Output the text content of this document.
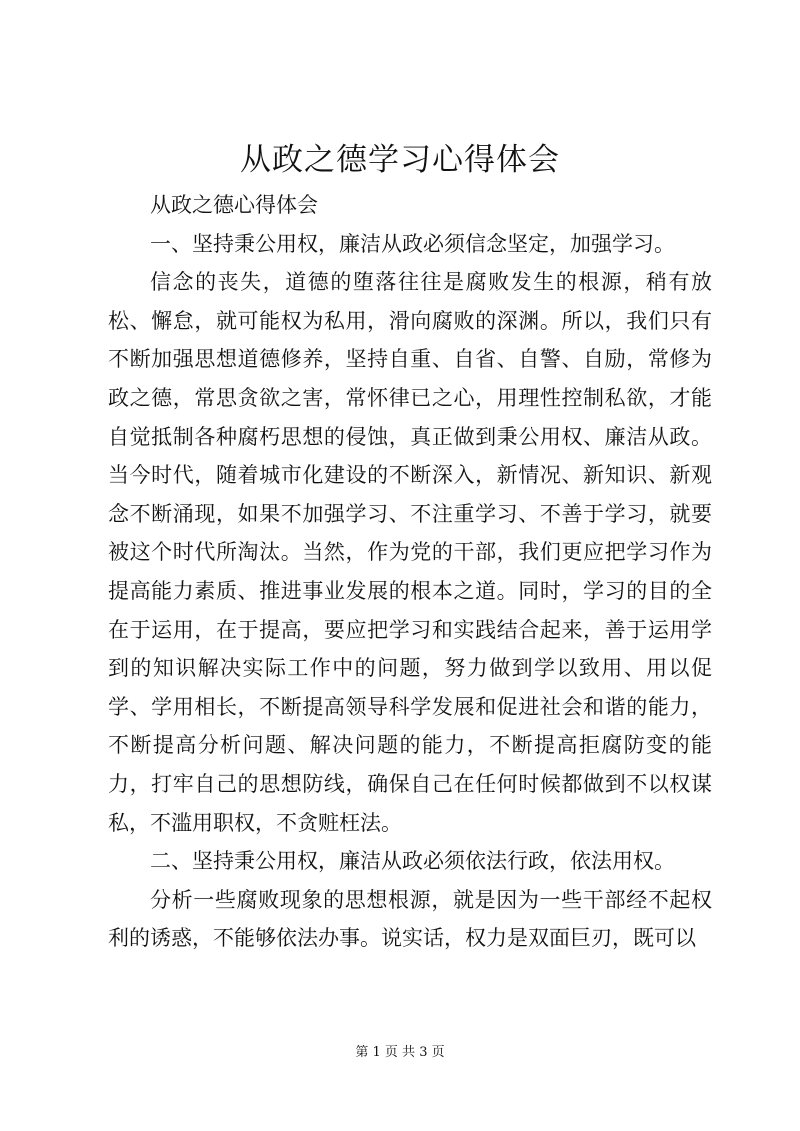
从政之德学习心得体会

从政之德心得体会

一、坚持秉公用权，廉洁从政必须信念坚定，加强学习。

信念的丧失，道德的堕落往往是腐败发生的根源，稍有放松、懈怠，就可能权为私用，滑向腐败的深渊。所以，我们只有不断加强思想道德修养，坚持自重、自省、自警、自励，常修为政之德，常思贪欲之害，常怀律已之心，用理性控制私欲，才能自觉抵制各种腐朽思想的侵蚀，真正做到秉公用权、廉洁从政。当今时代，随着城市化建设的不断深入，新情况、新知识、新观念不断涌现，如果不加强学习、不注重学习、不善于学习，就要被这个时代所淘汰。当然，作为党的干部，我们更应把学习作为提高能力素质、推进事业发展的根本之道。同时，学习的目的全在于运用，在于提高，要应把学习和实践结合起来，善于运用学到的知识解决实际工作中的问题，努力做到学以致用、用以促学、学用相长，不断提高领导科学发展和促进社会和谐的能力，不断提高分析问题、解决问题的能力，不断提高拒腐防变的能力，打牢自己的思想防线，确保自己在任何时候都做到不以权谋私，不滥用职权，不贪赃枉法。

二、坚持秉公用权，廉洁从政必须依法行政，依法用权。

分析一些腐败现象的思想根源，就是因为一些干部经不起权利的诱惑，不能够依法办事。说实话，权力是双面巨刃，既可以

第 1 页 共 3 页
